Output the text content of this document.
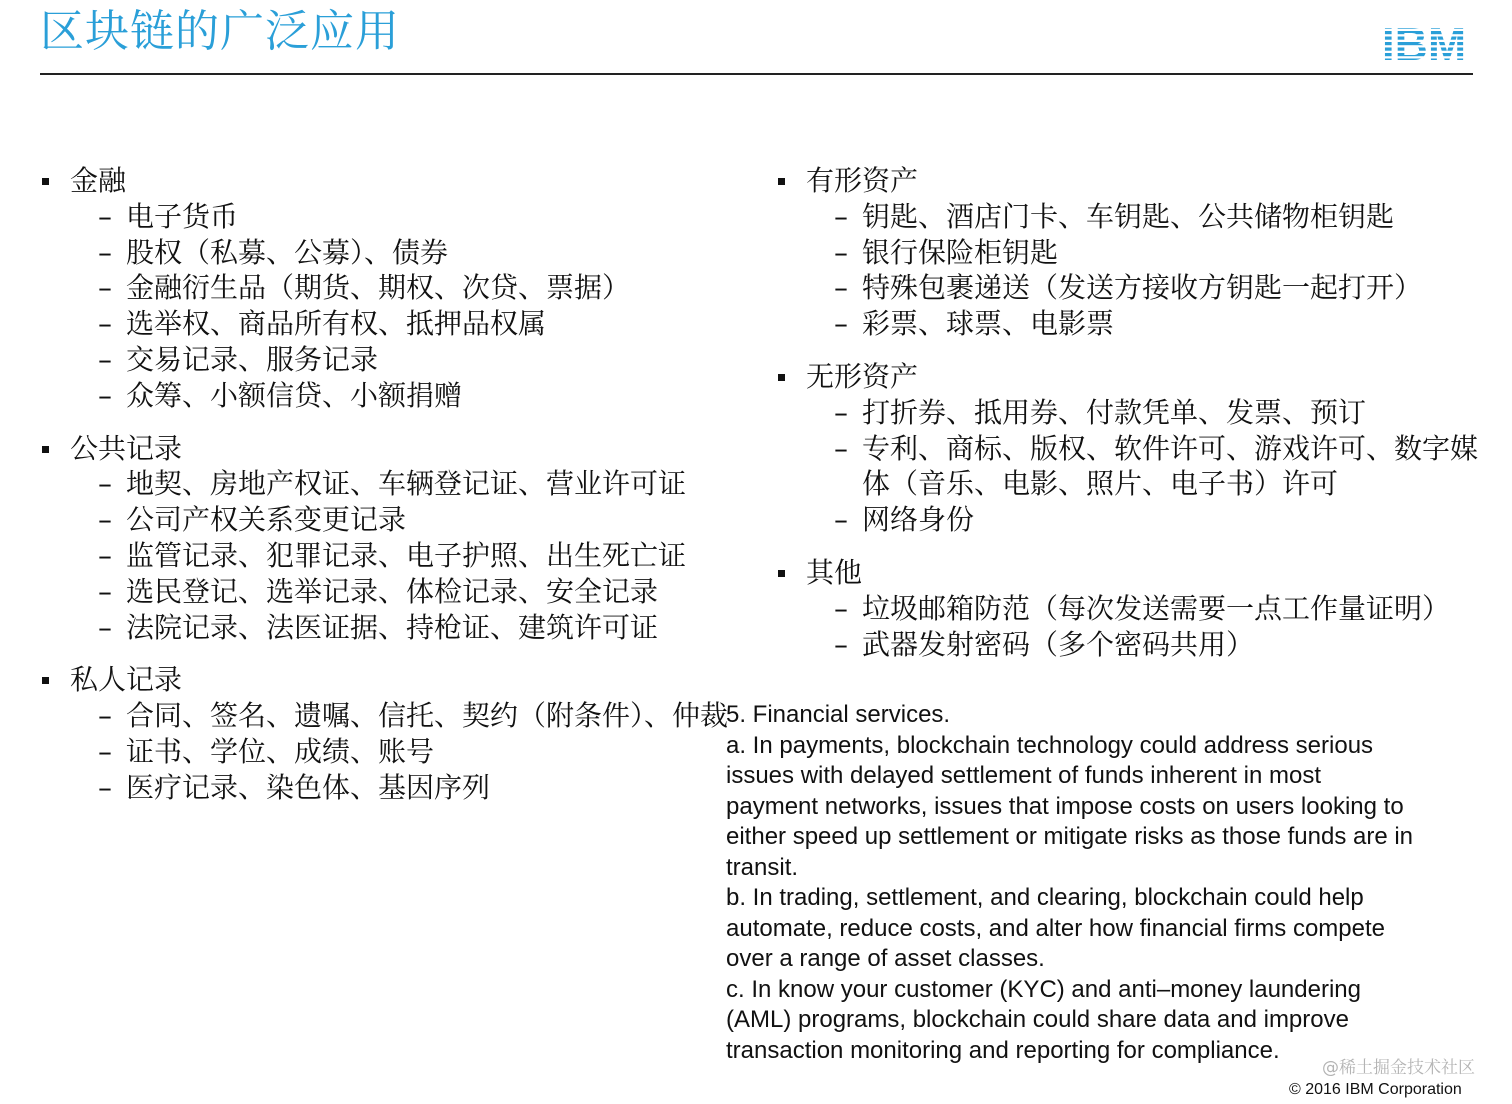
区块链的广泛应用	IBM
金融
– 电子货币
– 股权（私募、公募）、债券
– 金融衍生品（期货、期权、次贷、票据）
– 选举权、商品所有权、抵押品权属
– 交易记录、服务记录
– 众筹、小额信贷、小额捐赠
公共记录
– 地契、房地产权证、车辆登记证、营业许可证
– 公司产权关系变更记录
– 监管记录、犯罪记录、电子护照、出生死亡证
– 选民登记、选举记录、体检记录、安全记录
– 法院记录、法医证据、持枪证、建筑许可证
私人记录
– 合同、签名、遗嘱、信托、契约（附条件）、仲裁
– 证书、学位、成绩、账号
– 医疗记录、染色体、基因序列
有形资产
– 钥匙、酒店门卡、车钥匙、公共储物柜钥匙
– 银行保险柜钥匙
– 特殊包裹递送（发送方接收方钥匙一起打开）
– 彩票、球票、电影票
无形资产
– 打折券、抵用券、付款凭单、发票、预订
– 专利、商标、版权、软件许可、游戏许可、数字媒体（音乐、电影、照片、电子书）许可
– 网络身份
其他
– 垃圾邮箱防范（每次发送需要一点工作量证明）
– 武器发射密码（多个密码共用）
5. Financial services.
a. In payments, blockchain technology could address serious
issues with delayed settlement of funds inherent in most
payment networks, issues that impose costs on users looking to
either speed up settlement or mitigate risks as those funds are in
transit.
b. In trading, settlement, and clearing, blockchain could help
automate, reduce costs, and alter how financial firms compete
over a range of asset classes.
c. In know your customer (KYC) and anti–money laundering
(AML) programs, blockchain could share data and improve
transaction monitoring and reporting for compliance.
@稀土掘金技术社区
© 2016 IBM Corporation
